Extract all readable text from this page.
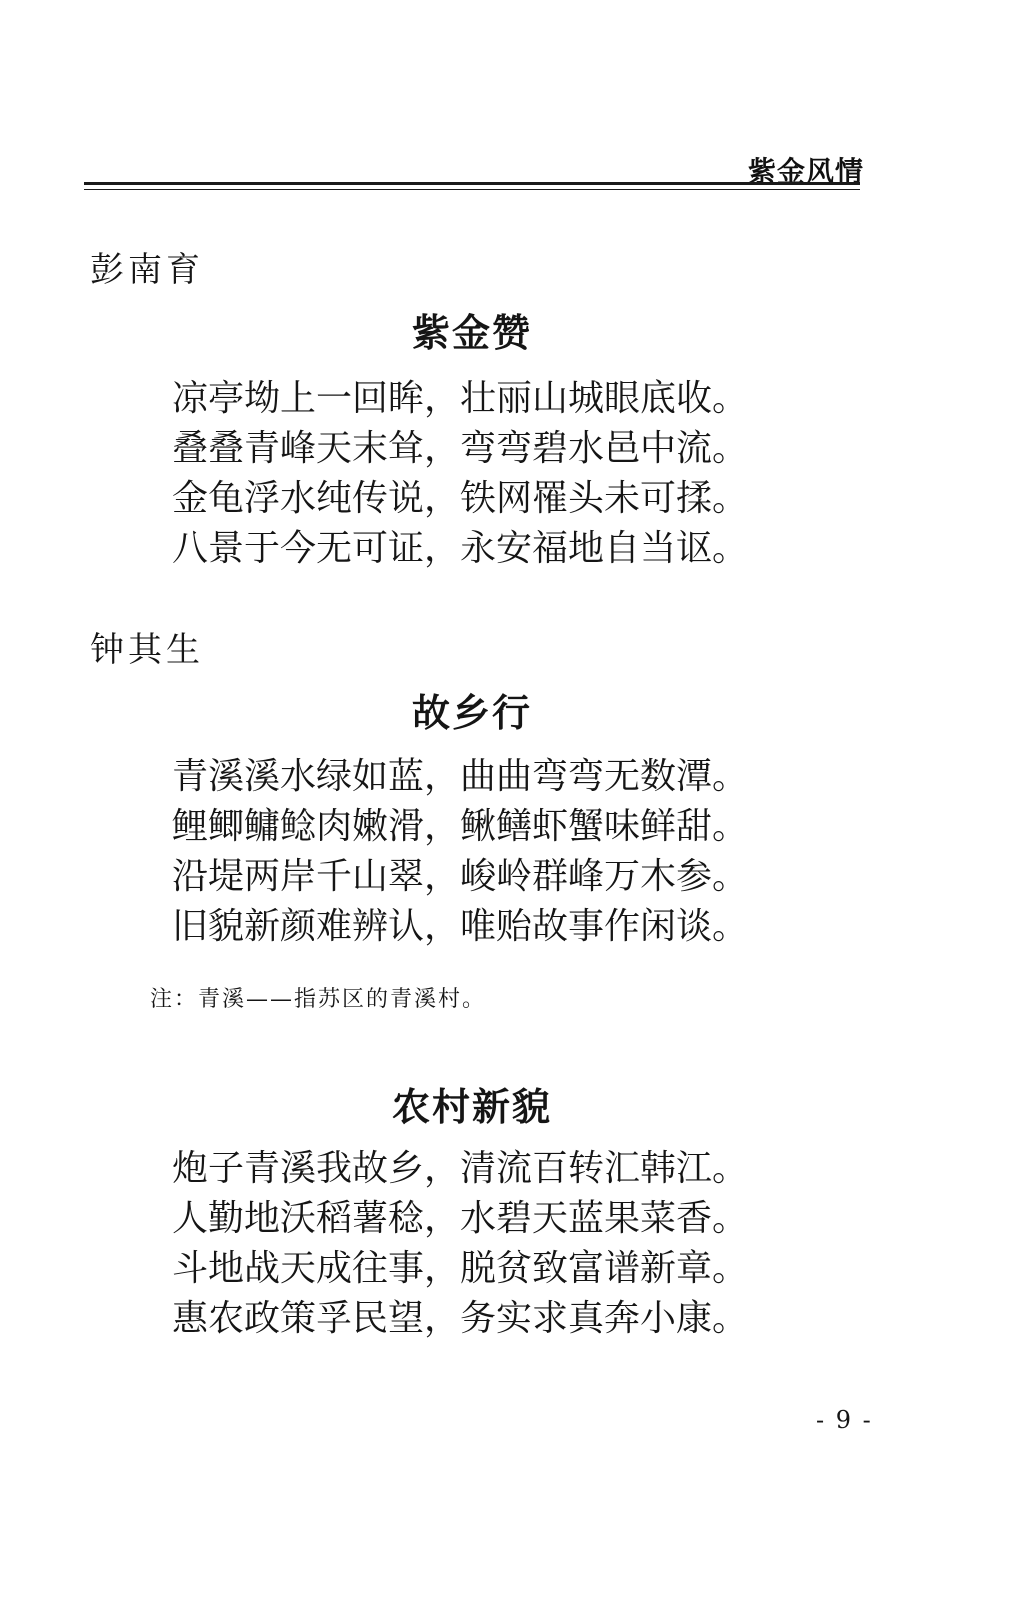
紫金风情
彭南育
紫金赞
凉亭坳上一回眸，壮丽山城眼底收。
叠叠青峰天末耸，弯弯碧水邑中流。
金龟浮水纯传说，铁网罹头未可揉。
八景于今无可证，永安福地自当讴。
钟其生
故乡行
青溪溪水绿如蓝，曲曲弯弯无数潭。
鲤鲫鳙鲶肉嫩滑，鳅鳝虾蟹味鲜甜。
沿堤两岸千山翠，峻岭群峰万木参。
旧貌新颜难辨认，唯贻故事作闲谈。
注：青溪——指苏区的青溪村。
农村新貌
炮子青溪我故乡，清流百转汇韩江。
人勤地沃稻薯稔，水碧天蓝果菜香。
斗地战天成往事，脱贫致富谱新章。
惠农政策孚民望，务实求真奔小康。
- 9 -
